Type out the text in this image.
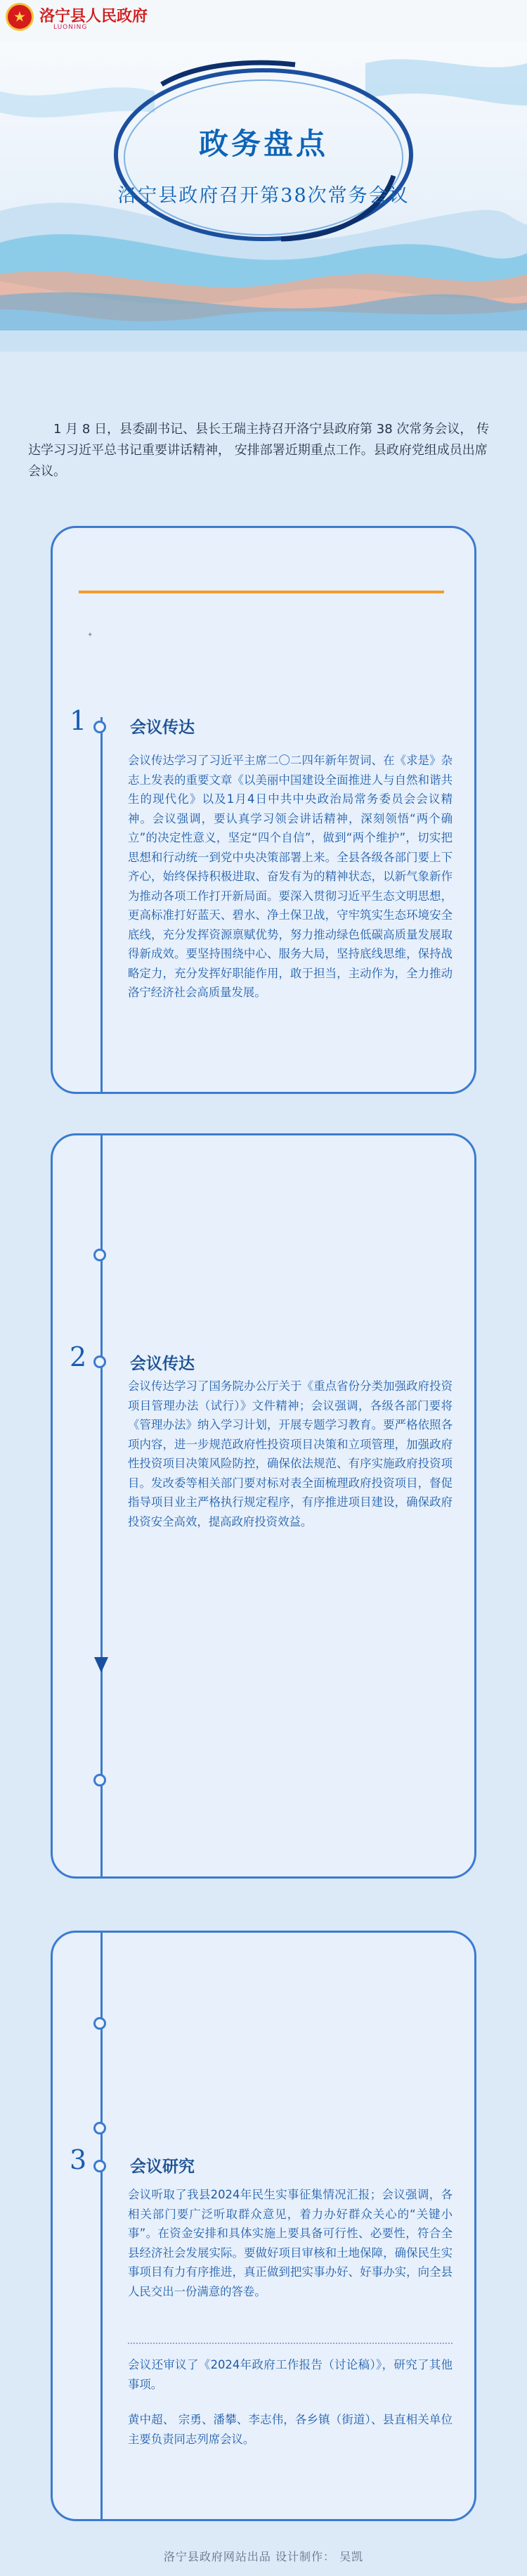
★ 洛宁县人民政府
LUONING
政务盘点
洛宁县政府召开第38次常务会议
1 月 8 日，县委副书记、县长王瑞主持召开洛宁县政府第 38 次常务会议， 传达学习习近平总书记重要讲话精神， 安排部署近期重点工作。县政府党组成员出席会议。
✦
1	会议传达
会议传达学习了习近平主席二〇二四年新年贺词、在《求是》杂志上发表的重要文章《以美丽中国建设全面推进人与自然和谐共生的现代化》以及1月4日中共中央政治局常务委员会会议精神。会议强调，要认真学习领会讲话精神，深刻领悟“两个确立”的决定性意义，坚定“四个自信”，做到“两个维护”，切实把思想和行动统一到党中央决策部署上来。全县各级各部门要上下齐心，始终保持积极进取、奋发有为的精神状态，以新气象新作为推动各项工作打开新局面。要深入贯彻习近平生态文明思想，更高标准打好蓝天、碧水、净土保卫战，守牢筑实生态环境安全底线，充分发挥资源禀赋优势，努力推动绿色低碳高质量发展取得新成效。要坚持围绕中心、服务大局，坚持底线思维，保持战略定力，充分发挥好职能作用，敢于担当，主动作为，全力推动洛宁经济社会高质量发展。
2	会议传达
会议传达学习了国务院办公厅关于《重点省份分类加强政府投资项目管理办法（试行）》文件精神；会议强调，各级各部门要将《管理办法》纳入学习计划，开展专题学习教育。要严格依照各项内容，进一步规范政府性投资项目决策和立项管理，加强政府性投资项目决策风险防控，确保依法规范、有序实施政府投资项目。发改委等相关部门要对标对表全面梳理政府投资项目，督促指导项目业主严格执行规定程序，有序推进项目建设，确保政府投资安全高效，提高政府投资效益。
3	会议研究
会议听取了我县2024年民生实事征集情况汇报；会议强调，各相关部门要广泛听取群众意见，着力办好群众关心的“关键小事”。在资金安排和具体实施上要具备可行性、必要性，符合全县经济社会发展实际。要做好项目审核和土地保障，确保民生实事项目有力有序推进，真正做到把实事办好、好事办实，向全县人民交出一份满意的答卷。
会议还审议了《2024年政府工作报告（讨论稿）》，研究了其他事项。
黄中超、 宗勇、潘攀、李志伟，各乡镇（街道）、县直相关单位主要负责同志列席会议。
洛宁县政府网站出品 设计制作： 吴凯
